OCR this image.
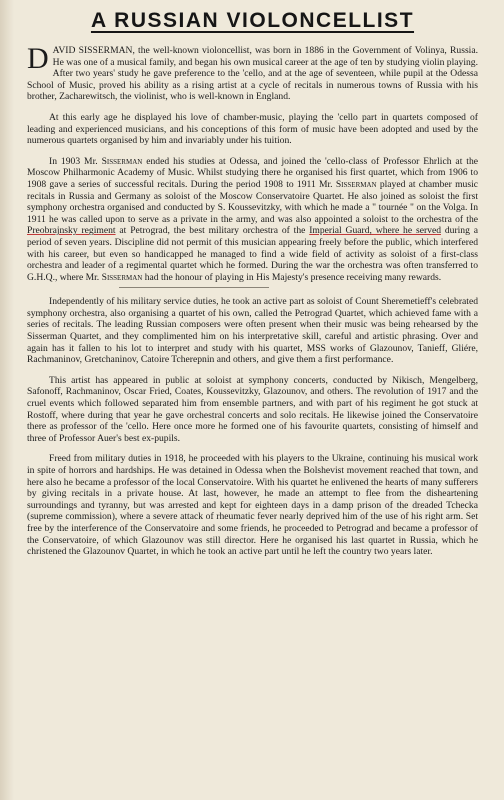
A RUSSIAN VIOLONCELLIST

DAVID SISSERMAN, the well-known violoncellist, was born in 1886 in the Government of Volinya, Russia. He was one of a musical family, and began his own musical career at the age of ten by studying violin playing. After two years' study he gave preference to the 'cello, and at the age of seventeen, while pupil at the Odessa School of Music, proved his ability as a rising artist at a cycle of recitals in numerous towns of Russia with his brother, Zacharewitsch, the violinist, who is well-known in England.

At this early age he displayed his love of chamber-music, playing the 'cello part in quartets composed of leading and experienced musicians, and his conceptions of this form of music have been adopted and used by the numerous quartets organised by him and invariably under his tuition.

In 1903 Mr. Sisserman ended his studies at Odessa, and joined the 'cello-class of Professor Ehrlich at the Moscow Philharmonic Academy of Music. Whilst studying there he organised his first quartet, which from 1906 to 1908 gave a series of successful recitals. During the period 1908 to 1911 Mr. Sisserman played at chamber music recitals in Russia and Germany as soloist of the Moscow Conservatoire Quartet. He also joined as soloist the first symphony orchestra organised and conducted by S. Koussevitzky, with which he made a " tournée " on the Volga. In 1911 he was called upon to serve as a private in the army, and was also appointed a soloist to the orchestra of the Preobrajnsky regiment at Petrograd, the best military orchestra of the Imperial Guard, where he served during a period of seven years. Discipline did not permit of this musician appearing freely before the public, which interfered with his career, but even so handicapped he managed to find a wide field of activity as soloist of a first-class orchestra and leader of a regimental quartet which he formed. During the war the orchestra was often transferred to G.H.Q., where Mr. Sisserman had the honour of playing in His Majesty's presence receiving many rewards.

Independently of his military service duties, he took an active part as soloist of Count Sheremetieff's celebrated symphony orchestra, also organising a quartet of his own, called the Petrograd Quartet, which achieved fame with a series of recitals. The leading Russian composers were often present when their music was being rehearsed by the Sisserman Quartet, and they complimented him on his interpretative skill, careful and artistic phrasing. Over and again has it fallen to his lot to interpret and study with his quartet, MSS works of Glazounov, Tanieff, Gliére, Rachmaninov, Gretchaninov, Catoire Tcherepnin and others, and give them a first performance.

This artist has appeared in public at soloist at symphony concerts, conducted by Nikisch, Mengelberg, Safonoff, Rachmaninov, Oscar Fried, Coates, Koussevitzky, Glazounov, and others. The revolution of 1917 and the cruel events which followed separated him from ensemble partners, and with part of his regiment he got stuck at Rostoff, where during that year he gave orchestral concerts and solo recitals. He likewise joined the Conservatoire there as professor of the 'cello. Here once more he formed one of his favourite quartets, consisting of himself and three of Professor Auer's best ex-pupils.

Freed from military duties in 1918, he proceeded with his players to the Ukraine, continuing his musical work in spite of horrors and hardships. He was detained in Odessa when the Bolshevist movement reached that town, and here also he became a professor of the local Conservatoire. With his quartet he enlivened the hearts of many sufferers by giving recitals in a private house. At last, however, he made an attempt to flee from the disheartening surroundings and tyranny, but was arrested and kept for eighteen days in a damp prison of the dreaded Tchecka (supreme commission), where a severe attack of rheumatic fever nearly deprived him of the use of his right arm. Set free by the interference of the Conservatoire and some friends, he proceeded to Petrograd and became a professor of the Conservatoire, of which Glazounov was still director. Here he organised his last quartet in Russia, which he christened the Glazounov Quartet, in which he took an active part until he left the country two years later.
